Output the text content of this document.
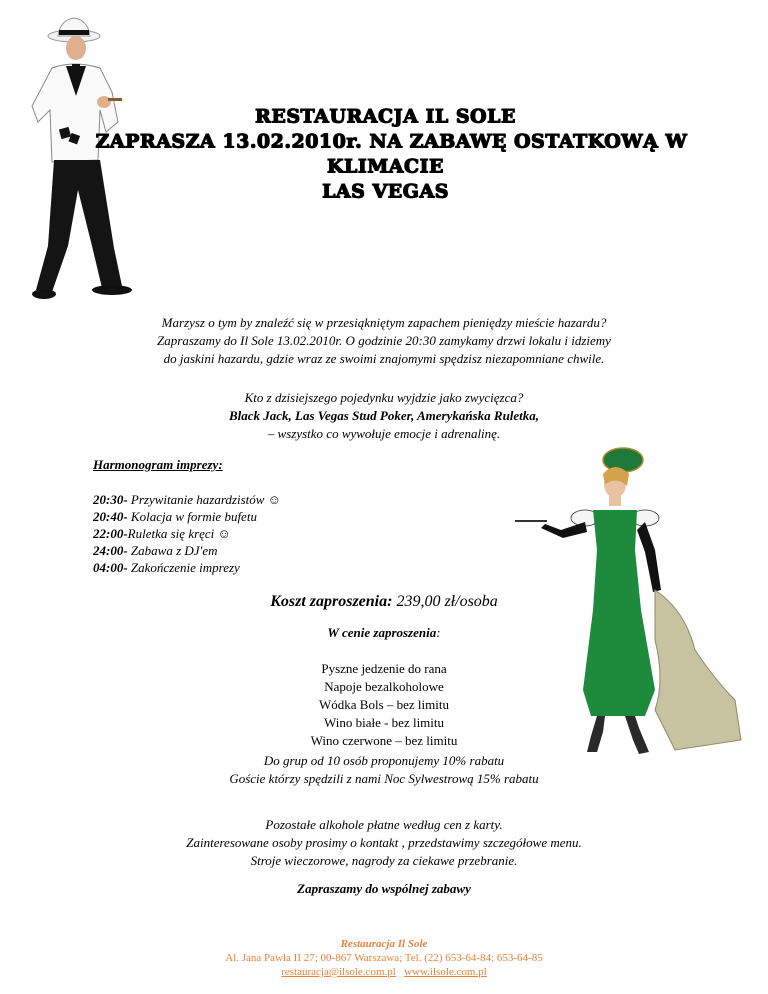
RESTAURACJA IL SOLE
ZAPRASZA 13.02.2010r. NA ZABAWĘ OSTATKOWĄ W
KLIMACIE
LAS VEGAS
Marzysz o tym by znaleźć się w przesiąkniętym zapachem pieniędzy mieście hazardu?
Zapraszamy do Il Sole 13.02.2010r. O godzinie 20:30 zamykamy drzwi lokalu i idziemy
do jaskini hazardu, gdzie wraz ze swoimi znajomymi spędzisz niezapomniane chwile.
Kto z dzisiejszego pojedynku wyjdzie jako zwycięzca?
Black Jack, Las Vegas Stud Poker, Amerykańska Ruletka,
– wszystko co wywołuje emocje i adrenalinę.
Harmonogram imprezy:
20:30- Przywitanie hazardzistów ☺
20:40- Kolacja w formie bufetu
22:00-Ruletka się kręci ☺
24:00- Zabawa z DJ'em
04:00- Zakończenie imprezy
Koszt zaproszenia: 239,00 zł/osoba
W cenie zaproszenia:
Pyszne jedzenie do rana
Napoje bezalkoholowe
Wódka Bols – bez limitu
Wino białe - bez limitu
Wino czerwone – bez limitu
Do grup od 10 osób proponujemy 10% rabatu
Goście którzy spędzili z nami Noc Sylwestrową 15% rabatu
Pozostałe alkohole płatne według cen z karty.
Zainteresowane osoby prosimy o kontakt , przedstawimy szczegółowe menu.
Stroje wieczorowe, nagrody za ciekawe przebranie.
Zapraszamy do wspólnej zabawy
Restauracja Il Sole
Al. Jana Pawła II 27; 00-867 Warszawa; Tel. (22) 653-64-84; 653-64-85
restauracja@ilsole.com.pl www.ilsole.com.pl
